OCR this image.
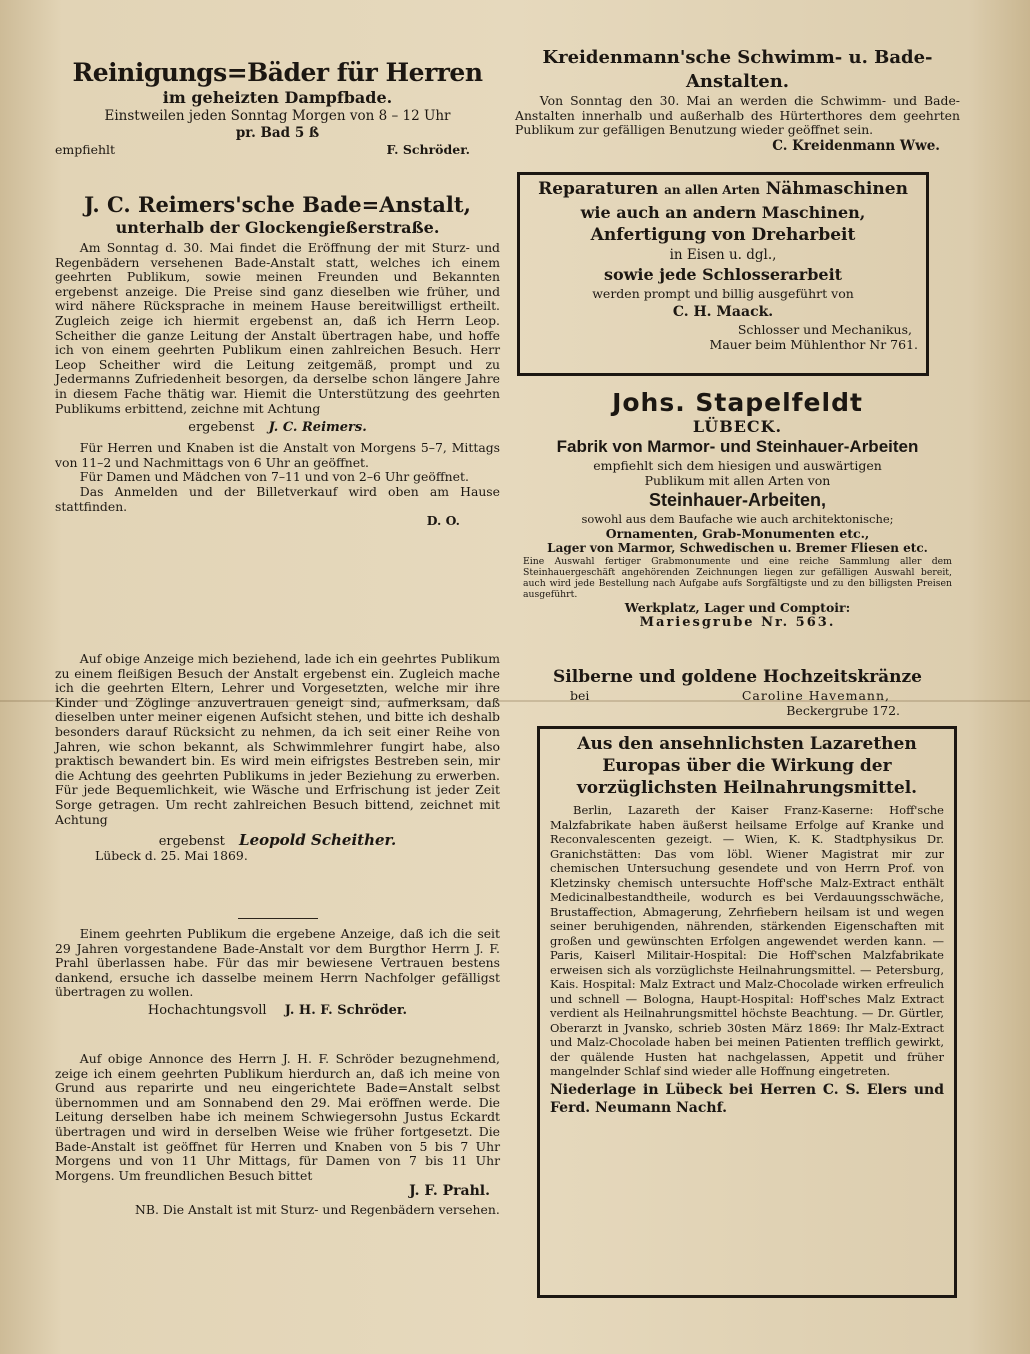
Reinigungs=Bäder für Herren

im geheizten Dampfbade.

Einstweilen jeden Sonntag Morgen von 8 – 12 Uhr

pr. Bad 5 ß

empfiehlt	F. Schröder.

J. C. Reimers'sche Bade=Anstalt,

unterhalb der Glockengießerstraße.

Am Sonntag d. 30. Mai findet die Eröffnung der mit Sturz- und Regenbädern versehenen Bade-Anstalt statt, welches ich einem geehrten Publikum, sowie meinen Freunden und Bekannten ergebenst anzeige. Die Preise sind ganz dieselben wie früher, und wird nähere Rücksprache in meinem Hause bereitwilligst ertheilt. Zugleich zeige ich hiermit ergebenst an, daß ich Herrn Leop. Scheither die ganze Leitung der Anstalt übertragen habe, und hoffe ich von einem geehrten Publikum einen zahlreichen Besuch. Herr Leop Scheither wird die Leitung zeitgemäß, prompt und zu Jedermanns Zufriedenheit besorgen, da derselbe schon längere Jahre in diesem Fache thätig war. Hiemit die Unterstützung des geehrten Publikums erbittend, zeichne mit Achtung

ergebenst J. C. Reimers.

Für Herren und Knaben ist die Anstalt von Morgens 5–7, Mittags von 11–2 und Nachmittags von 6 Uhr an geöffnet.

Für Damen und Mädchen von 7–11 und von 2–6 Uhr geöffnet.

Das Anmelden und der Billetverkauf wird oben am Hause stattfinden.

D. O.

Auf obige Anzeige mich beziehend, lade ich ein geehrtes Publikum zu einem fleißigen Besuch der Anstalt ergebenst ein. Zugleich mache ich die geehrten Eltern, Lehrer und Vorgesetzten, welche mir ihre Kinder und Zöglinge anzuvertrauen geneigt sind, aufmerksam, daß dieselben unter meiner eigenen Aufsicht stehen, und bitte ich deshalb besonders darauf Rücksicht zu nehmen, da ich seit einer Reihe von Jahren, wie schon bekannt, als Schwimmlehrer fungirt habe, also praktisch bewandert bin. Es wird mein eifrigstes Bestreben sein, mir die Achtung des geehrten Publikums in jeder Beziehung zu erwerben. Für jede Bequemlichkeit, wie Wäsche und Erfrischung ist jeder Zeit Sorge getragen. Um recht zahlreichen Besuch bittend, zeichnet mit Achtung

ergebenst Leopold Scheither.

Lübeck d. 25. Mai 1869.

Einem geehrten Publikum die ergebene Anzeige, daß ich die seit 29 Jahren vorgestandene Bade-Anstalt vor dem Burgthor Herrn J. F. Prahl überlassen habe. Für das mir bewiesene Vertrauen bestens dankend, ersuche ich dasselbe meinem Herrn Nachfolger gefälligst übertragen zu wollen.

Hochachtungsvoll J. H. F. Schröder.

Auf obige Annonce des Herrn J. H. F. Schröder bezugnehmend, zeige ich einem geehrten Publikum hierdurch an, daß ich meine von Grund aus reparirte und neu eingerichtete Bade=Anstalt selbst übernommen und am Sonnabend den 29. Mai eröffnen werde. Die Leitung derselben habe ich meinem Schwiegersohn Justus Eckardt übertragen und wird in derselben Weise wie früher fortgesetzt. Die Bade-Anstalt ist geöffnet für Herren und Knaben von 5 bis 7 Uhr Morgens und von 11 Uhr Mittags, für Damen von 7 bis 11 Uhr Morgens. Um freundlichen Besuch bittet

J. F. Prahl.

NB. Die Anstalt ist mit Sturz- und Regenbädern versehen.

Kreidenmann'sche Schwimm- u. Bade-Anstalten.

Von Sonntag den 30. Mai an werden die Schwimm- und Bade-Anstalten innerhalb und außerhalb des Hürterthores dem geehrten Publikum zur gefälligen Benutzung wieder geöffnet sein.

C. Kreidenmann Wwe.

Reparaturen an allen Arten Nähmaschinen

wie auch an andern Maschinen,

Anfertigung von Dreharbeit

in Eisen u. dgl.,

sowie jede Schlosserarbeit

werden prompt und billig ausgeführt von

C. H. Maack.

Schlosser und Mechanikus,

Mauer beim Mühlenthor Nr 761.

Johs. Stapelfeldt

LÜBECK.

Fabrik von Marmor- und Steinhauer-Arbeiten

empfiehlt sich dem hiesigen und auswärtigen

Publikum mit allen Arten von

Steinhauer-Arbeiten,

sowohl aus dem Baufache wie auch architektonische;

Ornamenten, Grab-Monumenten etc.,

Lager von Marmor, Schwedischen u. Bremer Fliesen etc.

Eine Auswahl fertiger Grabmonumente und eine reiche Sammlung aller dem Steinhauergeschäft angehörenden Zeichnungen liegen zur gefälligen Auswahl bereit, auch wird jede Bestellung nach Aufgabe aufs Sorgfältigste und zu den billigsten Preisen ausgeführt.

Werkplatz, Lager und Comptoir:

Mariesgrube Nr. 563.

Silberne und goldene Hochzeitskränze

bei	Caroline Havemann,

Beckergrube 172.

Aus den ansehnlichsten Lazarethen Europas über die Wirkung der vorzüglichsten Heilnahrungsmittel.

Berlin, Lazareth der Kaiser Franz-Kaserne: Hoff'sche Malzfabrikate haben äußerst heilsame Erfolge auf Kranke und Reconvalescenten gezeigt. — Wien, K. K. Stadtphysikus Dr. Granichstätten: Das vom löbl. Wiener Magistrat mir zur chemischen Untersuchung gesendete und von Herrn Prof. von Kletzinsky chemisch untersuchte Hoff'sche Malz-Extract enthält Medicinalbestandtheile, wodurch es bei Verdauungsschwäche, Brustaffection, Abmagerung, Zehrfiebern heilsam ist und wegen seiner beruhigenden, nährenden, stärkenden Eigenschaften mit großen und gewünschten Erfolgen angewendet werden kann. — Paris, Kaiserl Militair-Hospital: Die Hoff'schen Malzfabrikate erweisen sich als vorzüglichste Heilnahrungsmittel. — Petersburg, Kais. Hospital: Malz Extract und Malz-Chocolade wirken erfreulich und schnell — Bologna, Haupt-Hospital: Hoff'sches Malz Extract verdient als Heilnahrungsmittel höchste Beachtung. — Dr. Gürtler, Oberarzt in Jvansko, schrieb 30sten März 1869: Ihr Malz-Extract und Malz-Chocolade haben bei meinen Patienten trefflich gewirkt, der quälende Husten hat nachgelassen, Appetit und früher mangelnder Schlaf sind wieder alle Hoffnung eingetreten.

Niederlage in Lübeck bei Herren C. S. Elers und Ferd. Neumann Nachf.
